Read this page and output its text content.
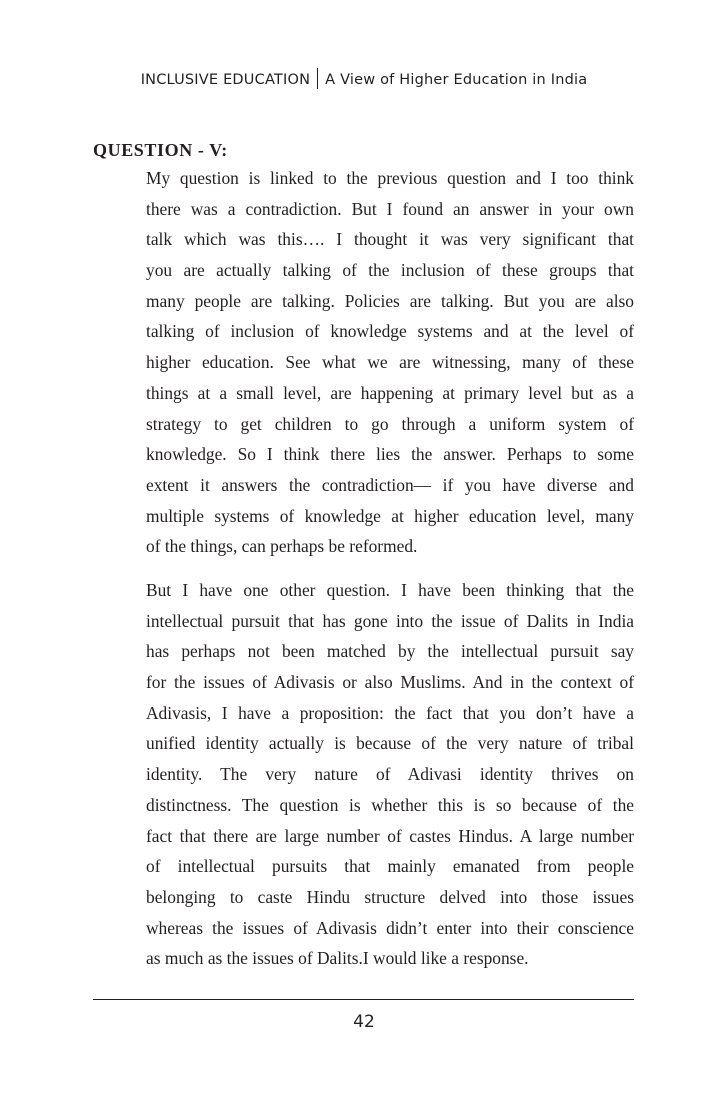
INCLUSIVE EDUCATION A View of Higher Education in India
QUESTION - V:
My question is linked to the previous question and I too think
there was a contradiction. But I found an answer in your own
talk which was this…. I thought it was very significant that
you are actually talking of the inclusion of these groups that
many people are talking. Policies are talking. But you are also
talking of inclusion of knowledge systems and at the level of
higher education. See what we are witnessing, many of these
things at a small level, are happening at primary level but as a
strategy to get children to go through a uniform system of
knowledge. So I think there lies the answer. Perhaps to some
extent it answers the contradiction— if you have diverse and
multiple systems of knowledge at higher education level, many
of the things, can perhaps be reformed.
But I have one other question. I have been thinking that the
intellectual pursuit that has gone into the issue of Dalits in India
has perhaps not been matched by the intellectual pursuit say
for the issues of Adivasis or also Muslims. And in the context of
Adivasis, I have a proposition: the fact that you don’t have a
unified identity actually is because of the very nature of tribal
identity. The very nature of Adivasi identity thrives on
distinctness. The question is whether this is so because of the
fact that there are large number of castes Hindus. A large number
of intellectual pursuits that mainly emanated from people
belonging to caste Hindu structure delved into those issues
whereas the issues of Adivasis didn’t enter into their conscience
as much as the issues of Dalits.I would like a response.
42
